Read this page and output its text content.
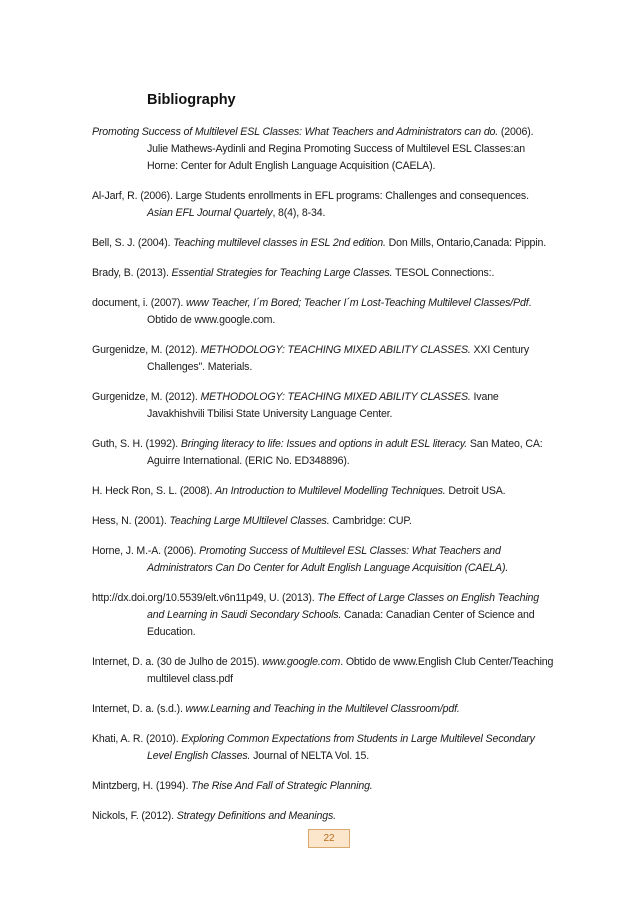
Bibliography
Promoting Success of Multilevel ESL Classes: What Teachers and Administrators can do. (2006). Julie Mathews-Aydinli and Regina Promoting Success of Multilevel ESL Classes:an Horne: Center for Adult English Language Acquisition (CAELA).
Al-Jarf, R. (2006). Large Students enrollments in EFL programs: Challenges and consequences. Asian EFL Journal Quartely, 8(4), 8-34.
Bell, S. J. (2004). Teaching multilevel classes in ESL 2nd edition. Don Mills, Ontario,Canada: Pippin.
Brady, B. (2013). Essential Strategies for Teaching Large Classes. TESOL Connections:.
document, i. (2007). www Teacher, I´m Bored; Teacher I´m Lost-Teaching Multilevel Classes/Pdf. Obtido de www.google.com.
Gurgenidze, M. (2012). METHODOLOGY: TEACHING MIXED ABILITY CLASSES. XXI Century Challenges". Materials.
Gurgenidze, M. (2012). METHODOLOGY: TEACHING MIXED ABILITY CLASSES. Ivane Javakhishvili Tbilisi State University Language Center.
Guth, S. H. (1992). Bringing literacy to life: Issues and options in adult ESL literacy. San Mateo, CA: Aguirre International. (ERIC No. ED348896).
H. Heck Ron, S. L. (2008). An Introduction to Multilevel Modelling Techniques. Detroit USA.
Hess, N. (2001). Teaching Large MUltilevel Classes. Cambridge: CUP.
Horne, J. M.-A. (2006). Promoting Success of Multilevel ESL Classes: What Teachers and Administrators Can Do Center for Adult English Language Acquisition (CAELA).
http://dx.doi.org/10.5539/elt.v6n11p49, U. (2013). The Effect of Large Classes on English Teaching and Learning in Saudi Secondary Schools. Canada: Canadian Center of Science and Education.
Internet, D. a. (30 de Julho de 2015). www.google.com. Obtido de www.English Club Center/Teaching multilevel class.pdf
Internet, D. a. (s.d.). www.Learning and Teaching in the Multilevel Classroom/pdf.
Khati, A. R. (2010). Exploring Common Expectations from Students in Large Multilevel Secondary Level English Classes. Journal of NELTA Vol. 15.
Mintzberg, H. (1994). The Rise And Fall of Strategic Planning.
Nickols, F. (2012). Strategy Definitions and Meanings.
22
